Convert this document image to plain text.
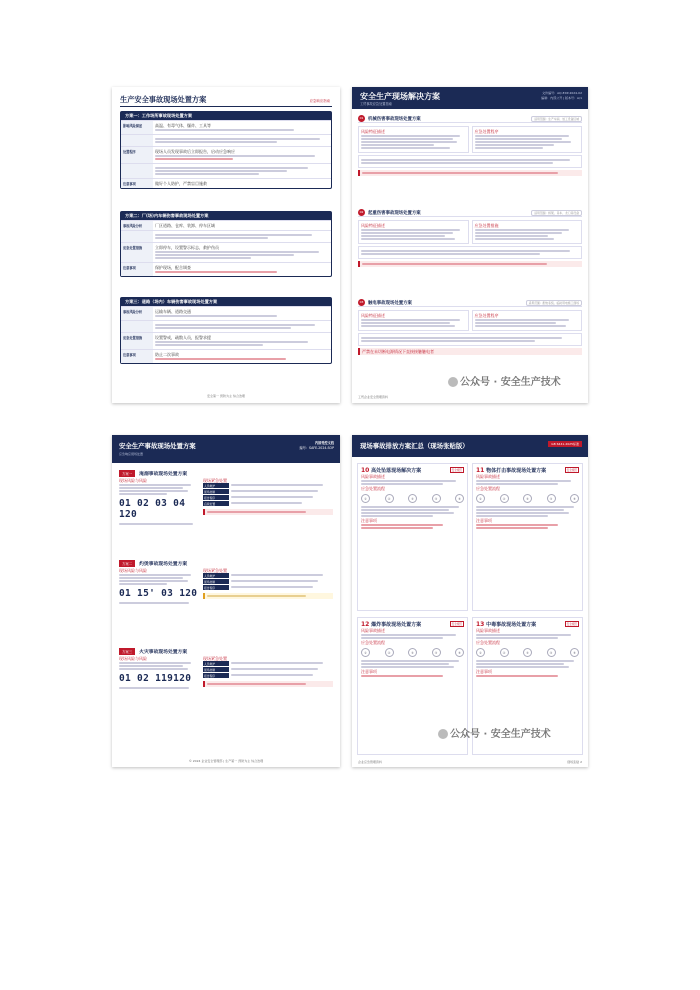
生产安全事故现场处置方案	应急响应指南
方案一：工作场所事故现场处置方案
影响风险描述	高温、有毒气体、爆炸、工具等

处置程序	现场人员发现事故后立即报告，启动应急响应

注意事项	做好个人防护，严禁盲目施救
方案二：厂(场)内车辆伤害事故现场处置方案
事故风险分析	厂区道路、仓库、装卸、停车区域

应急处置措施	立即停车，设置警示标志，救护伤员
注意事项	保护现场，配合调查
方案三：道路（场内）车辆伤害事故现场处置方案
事故风险分析	运输车辆、道路交通

应急处置措施	设置警戒，疏散人员，报警求援
注意事项	防止二次事故
安全第一 预防为主 综合治理
安全生产现场解决方案
工贸事故应急处置指南
文件编号：AQ-EXP-2024-02
编制：内部公开 | 版本号：A/1
01	机械伤害事故现场处置方案	适用范围：生产车间、加工设备区域
风险特征描述	应急处置程序
02	起重伤害事故现场处置方案	适用范围：桥架、吊车、龙门吊设备
风险特征描述	应急处置措施
03	触电事故现场处置方案	适用范围：配电系统、临时用电施工现场
风险特征描述	应急处置程序
严禁在未切断电源情况下直接接触触电者
公众号 · 安全生产技术
工贸企业安全管理资料
安全生产事故现场处置方案
应急响应现场处置
内部受控文档
编号：SAFE-2024-SOP
方案一	淹溺事故现场处置方案
现场风险与风险
01 02 03 04 120
现场紧急处置
人员救护
现场控制
报告程序
后续处置
方案二	灼烫事故现场处置方案
现场风险与风险
01 15' 03 120
现场紧急处置
人员救护
现场控制
报告程序
方案三	火灾事故现场处置方案
现场风险与风险
01 02 119120
现场紧急处置
人员救护
现场控制
报告程序
© 2024 企业安全管理部 | 生产第一 预防为主 综合治理
现场事故排放方案汇总（现场张贴版）	GB 6441-2025标准
10 高处坠落现场解决方案	安全规范
风险事故描述
应急处置流程
①	②	③	④	⑤
注意事项
11 物体打击事故现场处置方案	安全规范
风险事故描述
应急处置流程
①	②	③	④	⑤
注意事项
12 爆炸事故现场处置方案	安全规范
风险事故描述
应急处置流程
①	②	③	④	⑤
注意事项
13 中毒事故现场处置方案	安全规范
风险事故描述
应急处置流程
①	②	③	④	⑤
注意事项
公众号 · 安全生产技术
企业应急管理资料	现场张贴 2
